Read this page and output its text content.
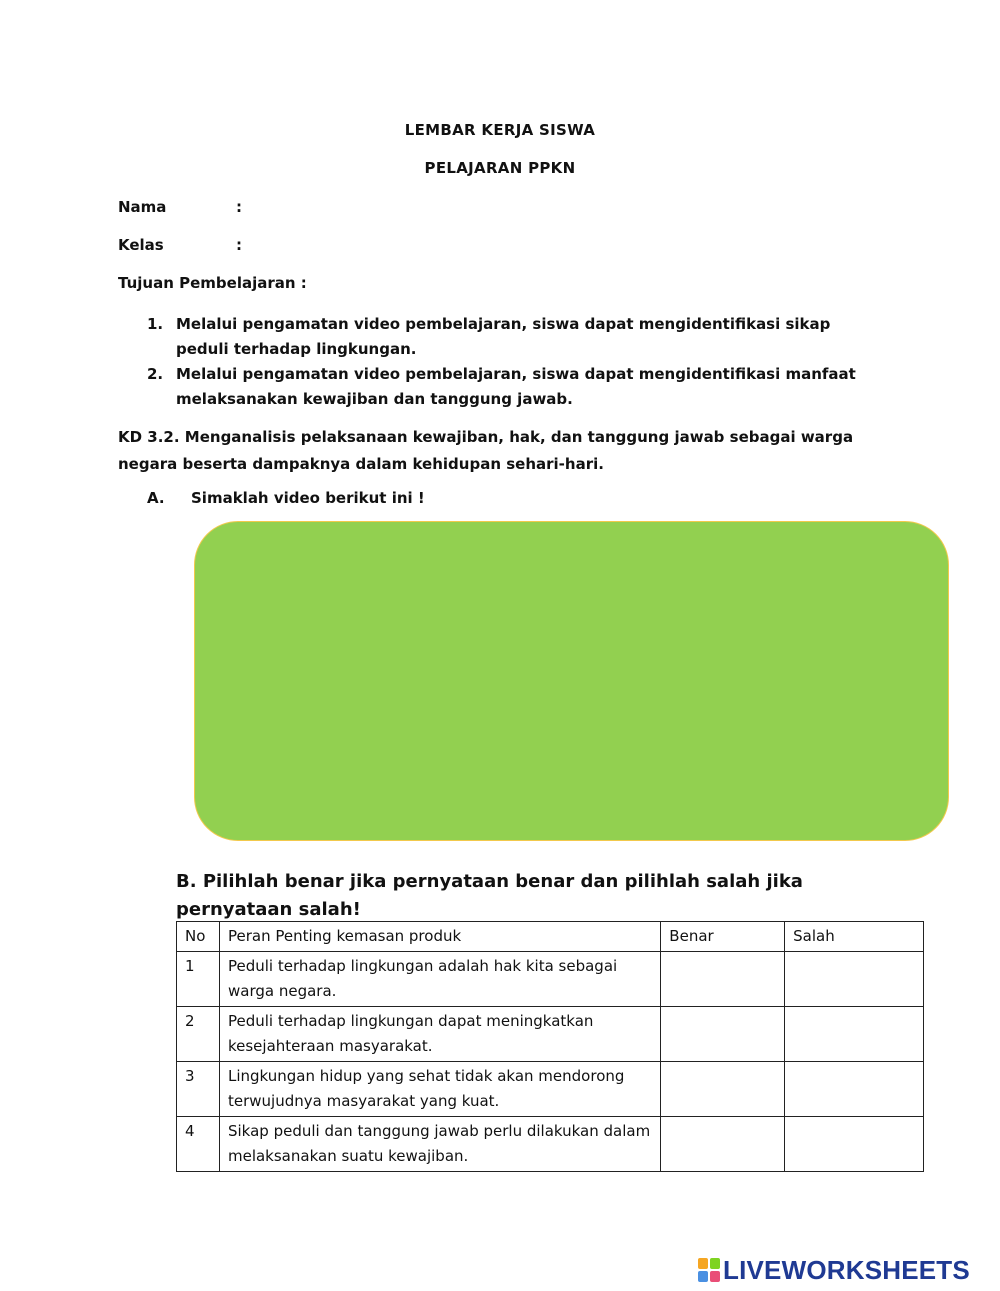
LEMBAR KERJA SISWA
PELAJARAN PPKN
Nama	:
Kelas	:
Tujuan Pembelajaran :
1. Melalui pengamatan video pembelajaran, siswa dapat mengidentifikasi sikap peduli terhadap lingkungan.
2. Melalui pengamatan video pembelajaran, siswa dapat mengidentifikasi manfaat melaksanakan kewajiban dan tanggung jawab.
KD 3.2. Menganalisis pelaksanaan kewajiban, hak, dan tanggung jawab sebagai warga negara beserta dampaknya dalam kehidupan sehari-hari.
A. Simaklah video berikut ini !
B. Pilihlah benar jika pernyataan benar dan pilihlah salah jika pernyataan salah!
No	Peran Penting kemasan produk	Benar	Salah
1	Peduli terhadap lingkungan adalah hak kita sebagai warga negara.		
2	Peduli terhadap lingkungan dapat meningkatkan kesejahteraan masyarakat.		
3	Lingkungan hidup yang sehat tidak akan mendorong terwujudnya masyarakat yang kuat.		
4	Sikap peduli dan tanggung jawab perlu dilakukan dalam melaksanakan suatu kewajiban.		
LIVEWORKSHEETS
